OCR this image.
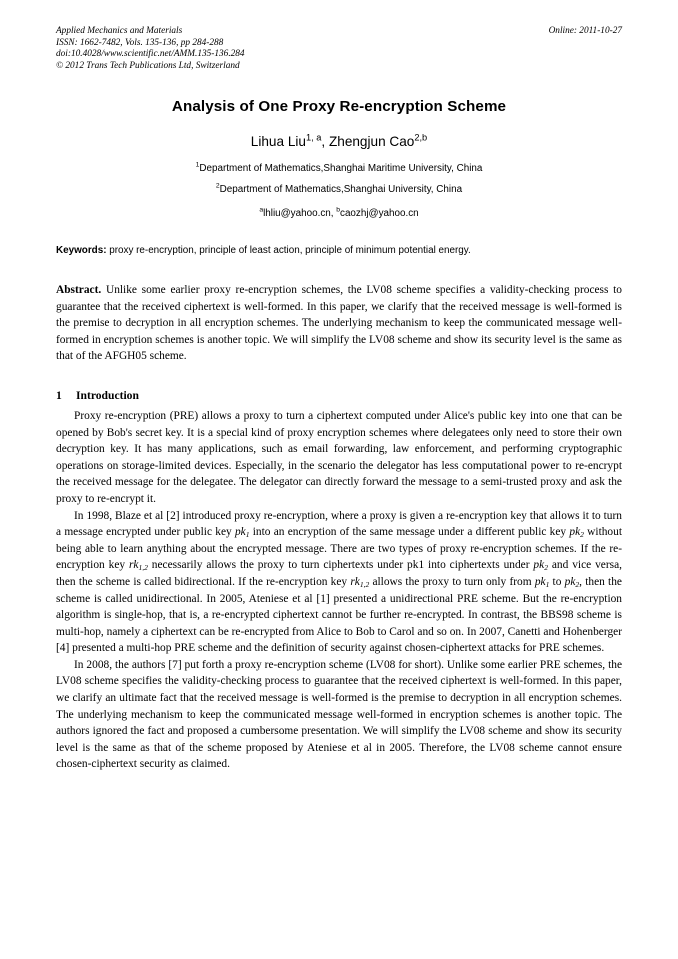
Applied Mechanics and Materials
ISSN: 1662-7482, Vols. 135-136, pp 284-288
doi:10.4028/www.scientific.net/AMM.135-136.284
© 2012 Trans Tech Publications Ltd, Switzerland
Online: 2011-10-27
Analysis of One Proxy Re-encryption Scheme
Lihua Liu$^{1, a}$, Zhengjun Cao$^{2,b}$
$^1$Department of Mathematics,Shanghai Maritime University, China
$^2$Department of Mathematics,Shanghai University, China
$^a$lhliu@yahoo.cn, $^b$caozhj@yahoo.cn
Keywords: proxy re-encryption, principle of least action, principle of minimum potential energy.
Abstract. Unlike some earlier proxy re-encryption schemes, the LV08 scheme specifies a validity-checking process to guarantee that the received ciphertext is well-formed. In this paper, we clarify that the received message is well-formed is the premise to decryption in all encryption schemes. The underlying mechanism to keep the communicated message well-formed in encryption schemes is another topic. We will simplify the LV08 scheme and show its security level is the same as that of the AFGH05 scheme.
1 Introduction
Proxy re-encryption (PRE) allows a proxy to turn a ciphertext computed under Alice's public key into one that can be opened by Bob's secret key. It is a special kind of proxy encryption schemes where delegatees only need to store their own decryption key. It has many applications, such as email forwarding, law enforcement, and performing cryptographic operations on storage-limited devices. Especially, in the scenario the delegator has less computational power to re-encrypt the received message for the delegatee. The delegator can directly forward the message to a semi-trusted proxy and ask the proxy to re-encrypt it.
In 1998, Blaze et al [2] introduced proxy re-encryption, where a proxy is given a re-encryption key that allows it to turn a message encrypted under public key $pk_1$ into an encryption of the same message under a different public key $pk_2$ without being able to learn anything about the encrypted message. There are two types of proxy re-encryption schemes. If the re-encryption key $rk_{1,2}$ necessarily allows the proxy to turn ciphertexts under pk1 into ciphertexts under $pk_2$ and vice versa, then the scheme is called bidirectional. If the re-encryption key $rk_{1,2}$ allows the proxy to turn only from $pk_1$ to $pk_2$, then the scheme is called unidirectional. In 2005, Ateniese et al [1] presented a unidirectional PRE scheme. But the re-encryption algorithm is single-hop, that is, a re-encrypted ciphertext cannot be further re-encrypted. In contrast, the BBS98 scheme is multi-hop, namely a ciphertext can be re-encrypted from Alice to Bob to Carol and so on. In 2007, Canetti and Hohenberger [4] presented a multi-hop PRE scheme and the definition of security against chosen-ciphertext attacks for PRE schemes.
In 2008, the authors [7] put forth a proxy re-encryption scheme (LV08 for short). Unlike some earlier PRE schemes, the LV08 scheme specifies the validity-checking process to guarantee that the received ciphertext is well-formed. In this paper, we clarify an ultimate fact that the received message is well-formed is the premise to decryption in all encryption schemes. The underlying mechanism to keep the communicated message well-formed in encryption schemes is another topic. The authors ignored the fact and proposed a cumbersome presentation. We will simplify the LV08 scheme and show its security level is the same as that of the scheme proposed by Ateniese et al in 2005. Therefore, the LV08 scheme cannot ensure chosen-ciphertext security as claimed.
